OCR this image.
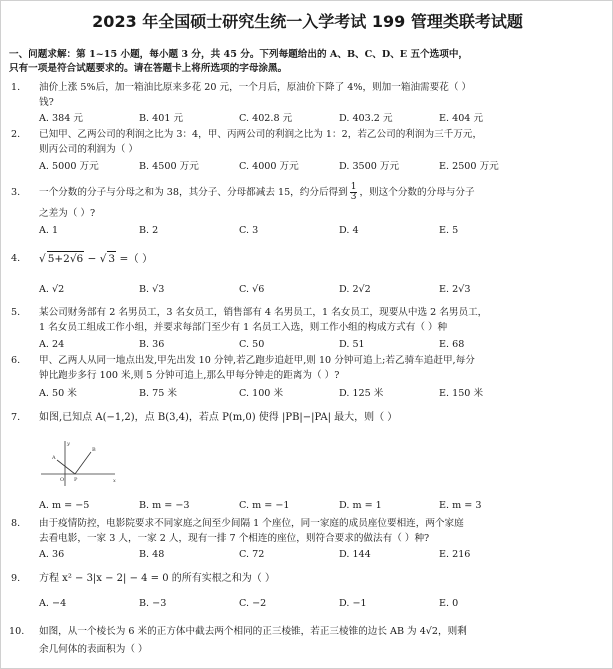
2023 年全国硕士研究生统一入学考试 199 管理类联考试题
一、问题求解：第 1~15 小题，每小题 3 分，共 45 分。下列每题给出的 A、B、C、D、E 五个选项中，
只有一项是符合试题要求的。请在答题卡上将所选项的字母涂黑。
1. 油价上涨 5%后，加一箱油比原来多花 20 元，一个月后，原油价下降了 4%，则加一箱油需要花（ ）
钱?
A. 384 元	B. 401 元	C. 402.8 元	D. 403.2 元	E. 404 元
2. 已知甲、乙两公司的利润之比为 3：4，甲、丙两公司的利润之比为 1：2，若乙公司的利润为三千万元，
则丙公司的利润为（ ）
A. 5000 万元	B. 4500 万元	C. 4000 万元	D. 3500 万元	E. 2500 万元
3. 一个分数的分子与分母之和为 38，其分子、分母都减去 15，约分后得到 $\frac{1}{3}$ ，则这个分数的分母与分子
之差为（ ）?
A. 1	B. 2	C. 3	D. 4	E. 5
4. √ 5+2√6 − √ 3 =（ ）
A. √2	B. √3	C. √6	D. 2√2	E. 2√3
5. 某公司财务部有 2 名男员工，3 名女员工，销售部有 4 名男员工，1 名女员工，现要从中选 2 名男员工，
1 名女员工组成工作小组，并要求每部门至少有 1 名员工入选，则工作小组的构成方式有（ ）种
A. 24	B. 36	C. 50	D. 51	E. 68
6. 甲、乙两人从同一地点出发,甲先出发 10 分钟,若乙跑步追赶甲,则 10 分钟可追上;若乙骑车追赶甲,每分
钟比跑步多行 100 米,则 5 分钟可追上,那么甲每分钟走的距离为（ ）?
A. 50 米	B. 75 米	C. 100 米	D. 125 米	E. 150 米
7. 如图,已知点 A(−1,2)，点 B(3,4)，若点 P(m,0) 使得 |PB|−|PA| 最大，则（ ）
y
x
O P
A
B
A. m = −5	B. m = −3	C. m = −1	D. m = 1	E. m = 3
8. 由于疫情防控，电影院要求不同家庭之间至少间隔 1 个座位，同一家庭的成员座位要相连，两个家庭
去看电影，一家 3 人，一家 2 人，现有一排 7 个相连的座位，则符合要求的做法有（ ）种?
A. 36	B. 48	C. 72	D. 144	E. 216
9. 方程 x² − 3|x − 2| − 4 = 0 的所有实根之和为（ ）
A. −4	B. −3	C. −2	D. −1	E. 0
10. 如图，从一个棱长为 6 米的正方体中截去两个相同的正三棱锥，若正三棱锥的边长 AB 为 4√2，则剩
余几何体的表面积为（ ）
